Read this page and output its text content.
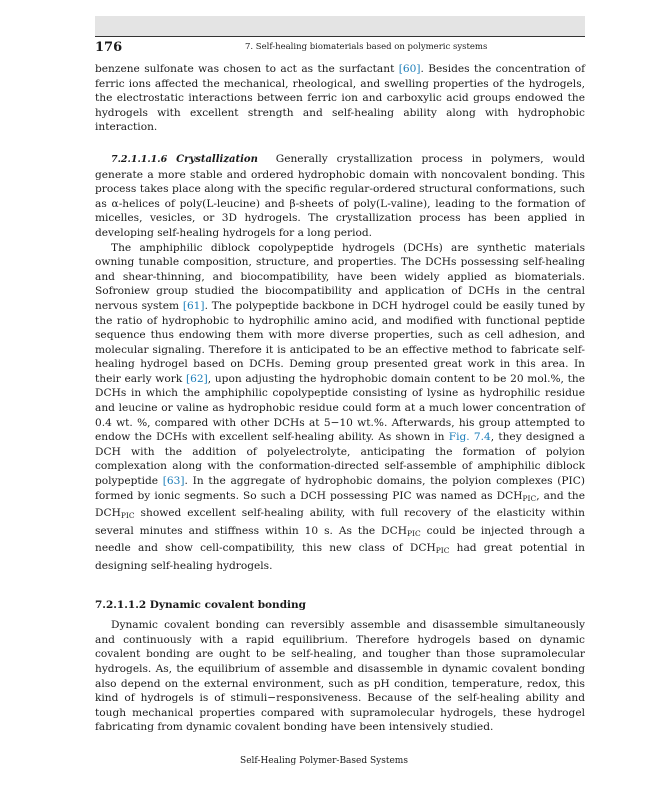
176	7. Self-healing biomaterials based on polymeric systems

benzene sulfonate was chosen to act as the surfactant [60]. Besides the concentration of ferric ions affected the mechanical, rheological, and swelling properties of the hydrogels, the electrostatic interactions between ferric ion and carboxylic acid groups endowed the hydrogels with excellent strength and self-healing ability along with hydrophobic interaction.

7.2.1.1.1.6 Crystallization Generally crystallization process in polymers, would generate a more stable and ordered hydrophobic domain with noncovalent bonding. This process takes place along with the specific regular-ordered structural conformations, such as α-helices of poly(L-leucine) and β-sheets of poly(L-valine), leading to the formation of micelles, vesicles, or 3D hydrogels. The crystallization process has been applied in developing self-healing hydrogels for a long period.

The amphiphilic diblock copolypeptide hydrogels (DCHs) are synthetic materials owning tunable composition, structure, and properties. The DCHs possessing self-healing and shear-thinning, and biocompatibility, have been widely applied as biomaterials. Sofroniew group studied the biocompatibility and application of DCHs in the central nervous system [61]. The polypeptide backbone in DCH hydrogel could be easily tuned by the ratio of hydrophobic to hydrophilic amino acid, and modified with functional peptide sequence thus endowing them with more diverse properties, such as cell adhesion, and molecular signaling. Therefore it is anticipated to be an effective method to fabricate self-healing hydrogel based on DCHs. Deming group presented great work in this area. In their early work [62], upon adjusting the hydrophobic domain content to be 20 mol.%, the DCHs in which the amphiphilic copolypeptide consisting of lysine as hydrophilic residue and leucine or valine as hydrophobic residue could form at a much lower concentration of 0.4 wt. %, compared with other DCHs at 5−10 wt.%. Afterwards, his group attempted to endow the DCHs with excellent self-healing ability. As shown in Fig. 7.4, they designed a DCH with the addition of polyelectrolyte, anticipating the formation of polyion complexation along with the conformation-directed self-assemble of amphiphilic diblock polypeptide [63]. In the aggregate of hydrophobic domains, the polyion complexes (PIC) formed by ionic segments. So such a DCH possessing PIC was named as $DCH_{PIC}$, and the $DCH_{PIC}$ showed excellent self-healing ability, with full recovery of the elasticity within several minutes and stiffness within 10 s. As the $DCH_{PIC}$ could be injected through a needle and show cell-compatibility, this new class of $DCH_{PIC}$ had great potential in designing self-healing hydrogels.

7.2.1.1.2 Dynamic covalent bonding

Dynamic covalent bonding can reversibly assemble and disassemble simultaneously and continuously with a rapid equilibrium. Therefore hydrogels based on dynamic covalent bonding are ought to be self-healing, and tougher than those supramolecular hydrogels. As, the equilibrium of assemble and disassemble in dynamic covalent bonding also depend on the external environment, such as pH condition, temperature, redox, this kind of hydrogels is of stimuli−responsiveness. Because of the self-healing ability and tough mechanical properties compared with supramolecular hydrogels, these hydrogel fabricating from dynamic covalent bonding have been intensively studied.

Self-Healing Polymer-Based Systems
